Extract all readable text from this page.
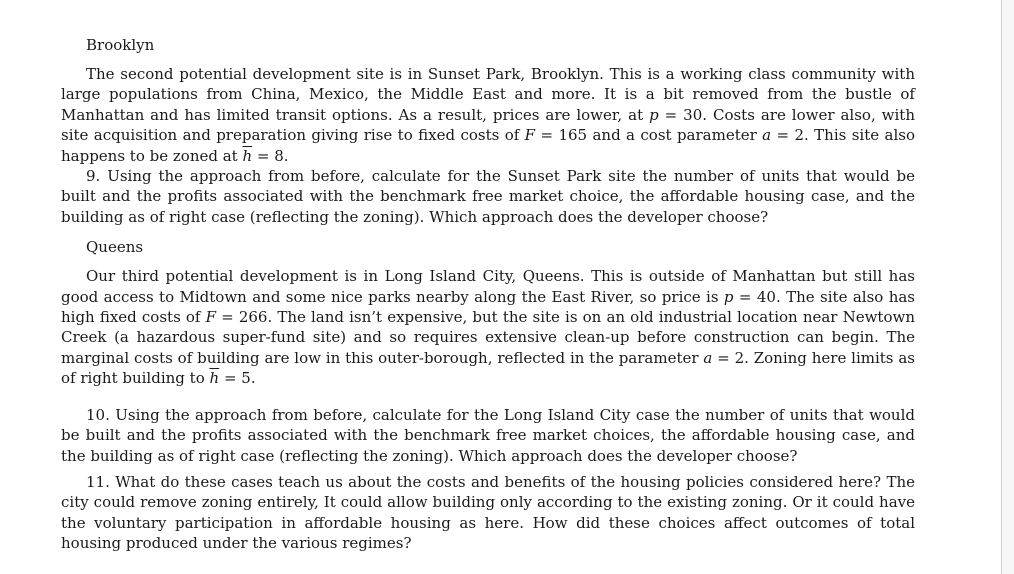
Brooklyn

The second potential development site is in Sunset Park, Brooklyn. This is a working class community with large populations from China, Mexico, the Middle East and more. It is a bit removed from the bustle of Manhattan and has limited transit options. As a result, prices are lower, at p = 30. Costs are lower also, with site acquisition and preparation giving rise to fixed costs of F = 165 and a cost parameter a = 2. This site also happens to be zoned at $\overline{h} = 8$.

9. Using the approach from before, calculate for the Sunset Park site the number of units that would be built and the profits associated with the benchmark free market choice, the affordable housing case, and the building as of right case (reflecting the zoning). Which approach does the developer choose?

Queens

Our third potential development is in Long Island City, Queens. This is outside of Manhattan but still has good access to Midtown and some nice parks nearby along the East River, so price is p = 40. The site also has high fixed costs of F = 266. The land isn’t expensive, but the site is on an old industrial location near Newtown Creek (a hazardous super-fund site) and so requires extensive clean-up before construction can begin. The marginal costs of building are low in this outer-borough, reflected in the parameter a = 2. Zoning here limits as of right building to $\overline{h} = 5$.

10. Using the approach from before, calculate for the Long Island City case the number of units that would be built and the profits associated with the benchmark free market choices, the affordable housing case, and the building as of right case (reflecting the zoning). Which approach does the developer choose?

11. What do these cases teach us about the costs and benefits of the housing policies considered here? The city could remove zoning entirely, It could allow building only according to the existing zoning. Or it could have the voluntary participation in affordable housing as here. How did these choices affect outcomes of total housing produced under the various regimes?
